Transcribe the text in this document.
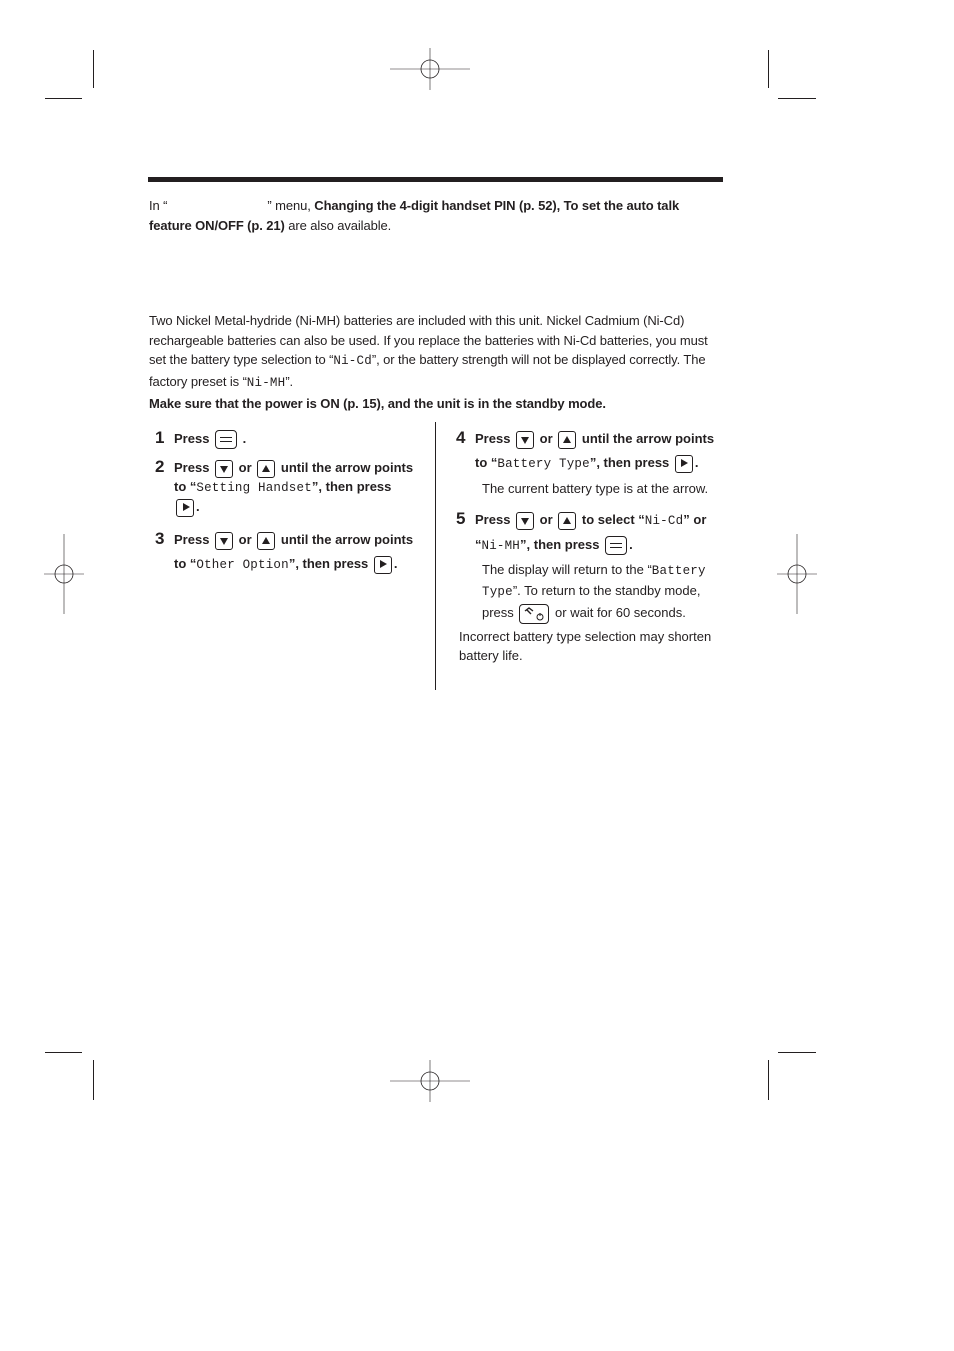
In “	” menu, Changing the 4-digit handset PIN (p. 52), To set the auto talk feature ON/OFF (p. 21) are also available.
Two Nickel Metal-hydride (Ni-MH) batteries are included with this unit. Nickel Cadmium (Ni-Cd)
rechargeable batteries can also be used. If you replace the batteries with Ni-Cd batteries, you must
set the battery type selection to “Ni-Cd”, or the battery strength will not be displayed correctly. The
factory preset is “Ni-MH”.
Make sure that the power is ON (p. 15), and the unit is in the standby mode.
1 Press	.
2 Press or until the arrow points
to “Setting Handset”, then press
.
3 Press or until the arrow points
to “Other Option”, then press .
4 Press or until the arrow points
to “Battery Type”, then press .
The current battery type is at the arrow.
5 Press or to select “Ni-Cd” or
“Ni-MH”, then press .
The display will return to the “Battery
Type”. To return to the standby mode,
press	or wait for 60 seconds.
Incorrect battery type selection may shorten
battery life.
